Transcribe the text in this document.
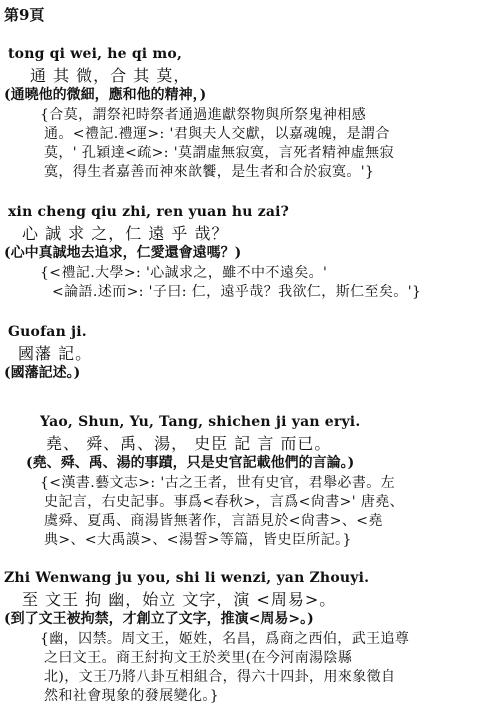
第9頁
tong qi wei, he qi mo,
通 其 微，合 其 莫，
(通曉他的微細，應和他的精神，)
{合莫，謂祭祀時祭者通過進獻祭物與所祭鬼神相感
通。<禮記.禮運>: '君與夫人交獻，以嘉魂魄，是謂合
莫，' 孔穎達<疏>: '莫謂虛無寂寞，言死者精神虛無寂
寞，得生者嘉善而神來歆饗，是生者和合於寂寞。'}
xin cheng qiu zhi, ren yuan hu zai?
心 誠 求 之，仁 遠 乎 哉？
(心中真誠地去追求，仁愛還會遠嗎？)
{<禮記.大學>: '心誠求之，雖不中不遠矣。'
<論語.述而>: '子曰: 仁，遠乎哉？我欲仁，斯仁至矣。'}
Guofan ji.
國藩 記。
(國藩記述。)
Yao, Shun, Yu, Tang, shichen ji yan eryi.
堯、 舜、禹、湯， 史臣 記 言 而已。
(堯、舜、禹、湯的事蹟，只是史官記載他們的言論。)
{<漢書.藝文志>: '古之王者，世有史官，君舉必書。左
史記言，右史記事。事爲<春秋>，言爲<尙書>' 唐堯、
虞舜、夏禹、商湯皆無著作，言語見於<尙書>、<堯
典>、<大禹謨>、<湯誓>等篇，皆史臣所記。}
Zhi Wenwang ju you, shi li wenzi, yan Zhouyi.
至 文王 拘 幽，始立 文字，演 <周易>。
(到了文王被拘禁，才創立了文字，推演<周易>。)
{幽，囚禁。周文王，姬姓，名昌，爲商之西伯，武王追尊
之曰文王。商王紂拘文王於羑里(在今河南湯陰縣
北)，文王乃將八卦互相組合，得六十四卦，用來象徵自
然和社會現象的發展變化。}
